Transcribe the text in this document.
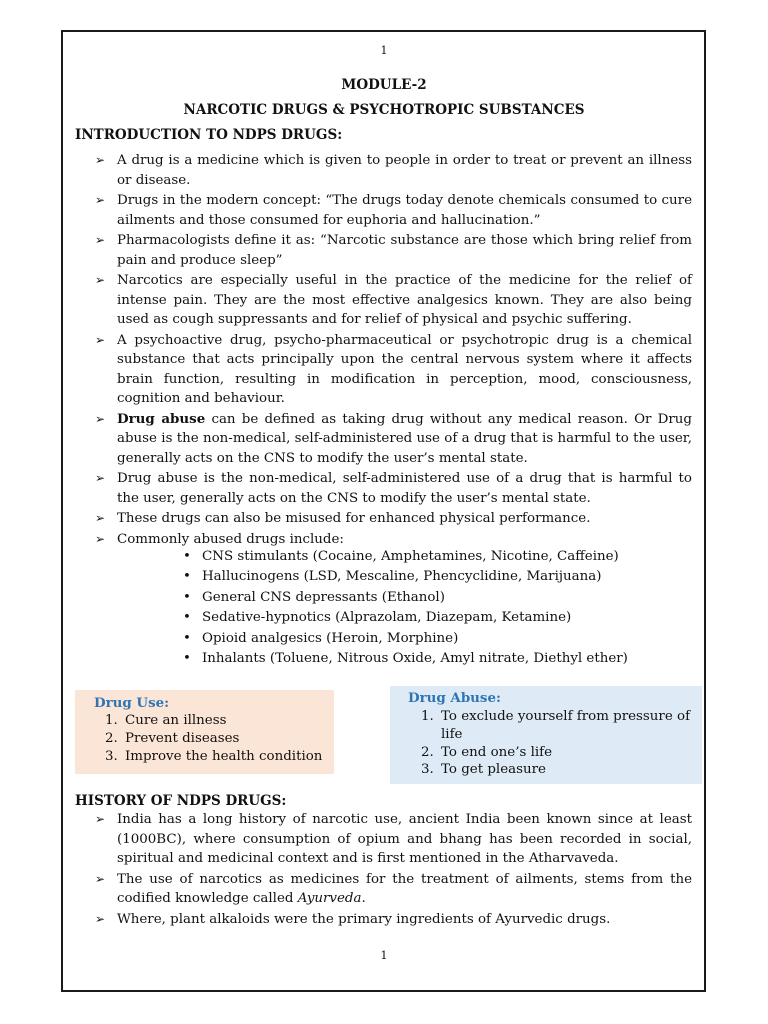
1
MODULE-2
NARCOTIC DRUGS & PSYCHOTROPIC SUBSTANCES
INTRODUCTION TO NDPS DRUGS:
➢ A drug is a medicine which is given to people in order to treat or prevent an illness or disease.
➢ Drugs in the modern concept: “The drugs today denote chemicals consumed to cure ailments and those consumed for euphoria and hallucination.”
➢ Pharmacologists define it as: “Narcotic substance are those which bring relief from pain and produce sleep”
➢ Narcotics are especially useful in the practice of the medicine for the relief of intense pain. They are the most effective analgesics known. They are also being used as cough suppressants and for relief of physical and psychic suffering.
➢ A psychoactive drug, psycho-pharmaceutical or psychotropic drug is a chemical substance that acts principally upon the central nervous system where it affects brain function, resulting in modification in perception, mood, consciousness, cognition and behaviour.
➢ Drug abuse can be defined as taking drug without any medical reason. Or Drug abuse is the non-medical, self-administered use of a drug that is harmful to the user, generally acts on the CNS to modify the user’s mental state.
➢ Drug abuse is the non-medical, self-administered use of a drug that is harmful to the user, generally acts on the CNS to modify the user’s mental state.
➢ These drugs can also be misused for enhanced physical performance.
➢ Commonly abused drugs include:
• CNS stimulants (Cocaine, Amphetamines, Nicotine, Caffeine)
• Hallucinogens (LSD, Mescaline, Phencyclidine, Marijuana)
• General CNS depressants (Ethanol)
• Sedative-hypnotics (Alprazolam, Diazepam, Ketamine)
• Opioid analgesics (Heroin, Morphine)
• Inhalants (Toluene, Nitrous Oxide, Amyl nitrate, Diethyl ether)
Drug Use:
1. Cure an illness
2. Prevent diseases
3. Improve the health condition
Drug Abuse:
1. To exclude yourself from pressure of life
2. To end one’s life
3. To get pleasure
HISTORY OF NDPS DRUGS:
➢ India has a long history of narcotic use, ancient India been known since at least (1000BC), where consumption of opium and bhang has been recorded in social, spiritual and medicinal context and is first mentioned in the Atharvaveda.
➢ The use of narcotics as medicines for the treatment of ailments, stems from the codified knowledge called Ayurveda.
➢ Where, plant alkaloids were the primary ingredients of Ayurvedic drugs.
1
